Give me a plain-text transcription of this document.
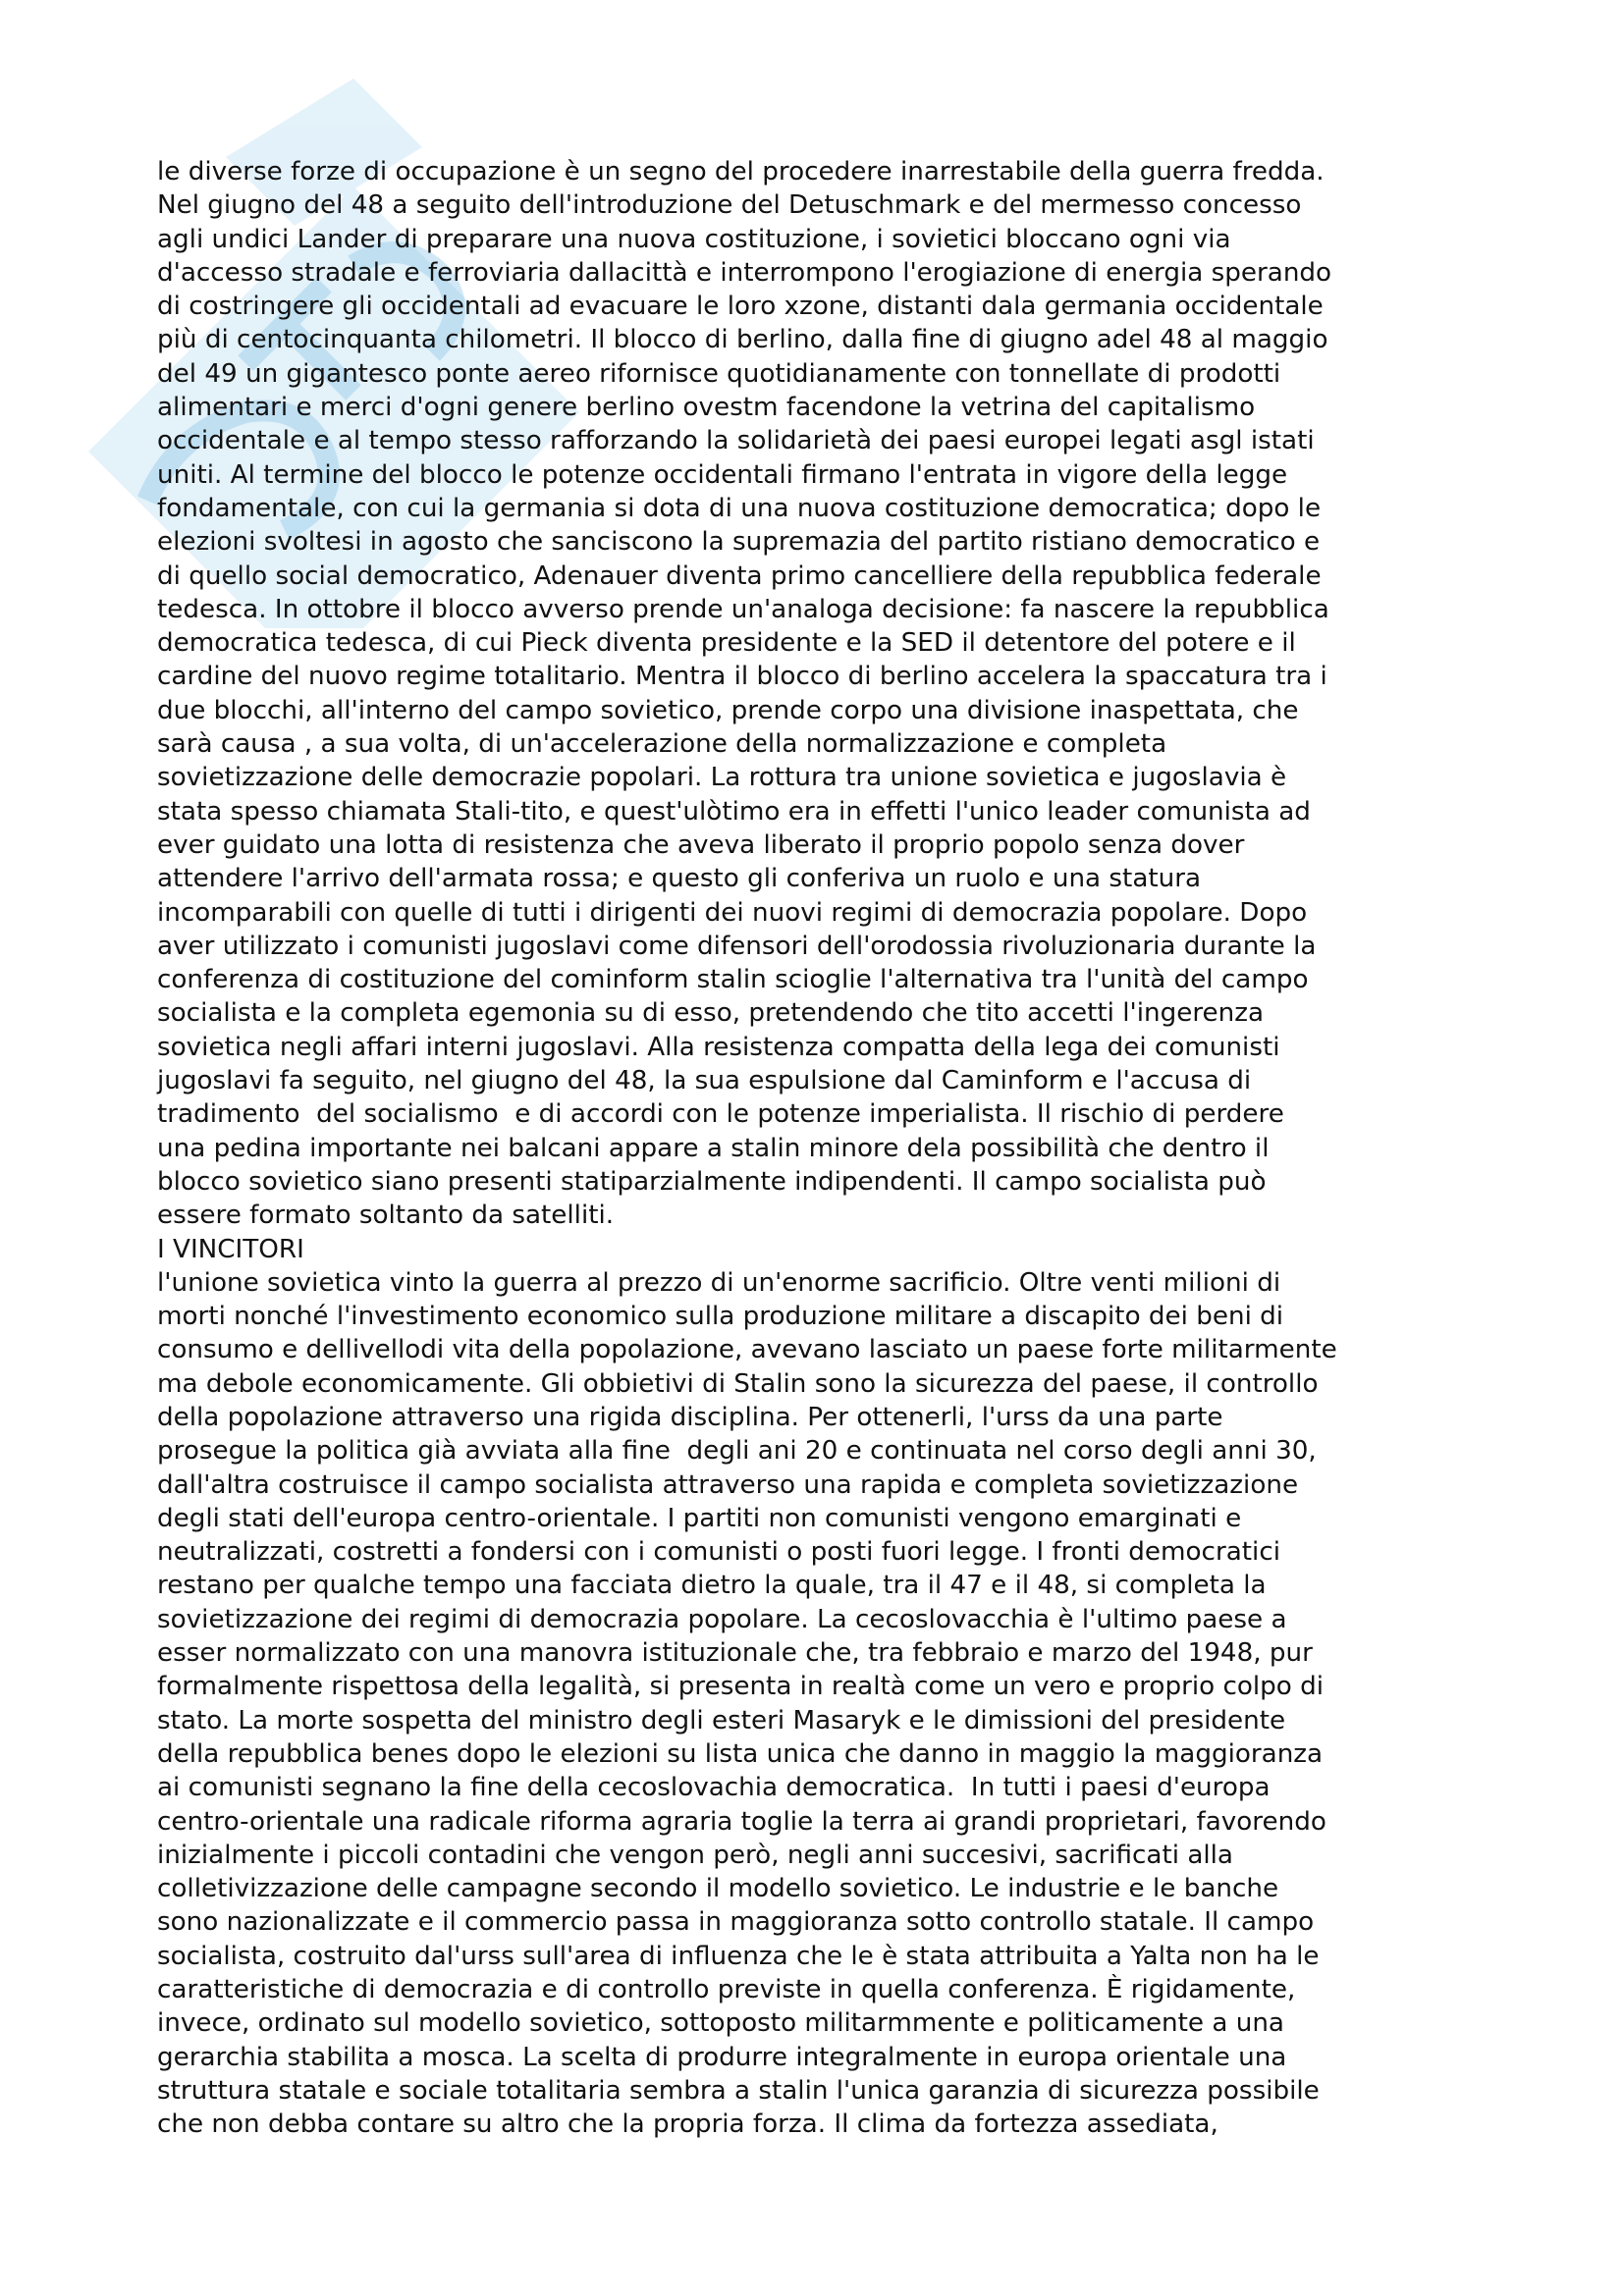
le diverse forze di occupazione è un segno del procedere inarrestabile della guerra fredda.
Nel giugno del 48 a seguito dell'introduzione del Detuschmark e del mermesso concesso
agli undici Lander di preparare una nuova costituzione, i sovietici bloccano ogni via
d'accesso stradale e ferroviaria dallacittà e interrompono l'erogiazione di energia sperando
di costringere gli occidentali ad evacuare le loro xzone, distanti dala germania occidentale
più di centocinquanta chilometri. Il blocco di berlino, dalla fine di giugno adel 48 al maggio
del 49 un gigantesco ponte aereo rifornisce quotidianamente con tonnellate di prodotti
alimentari e merci d'ogni genere berlino ovestm facendone la vetrina del capitalismo
occidentale e al tempo stesso rafforzando la solidarietà dei paesi europei legati asgl istati
uniti. Al termine del blocco le potenze occidentali firmano l'entrata in vigore della legge
fondamentale, con cui la germania si dota di una nuova costituzione democratica; dopo le
elezioni svoltesi in agosto che sanciscono la supremazia del partito ristiano democratico e
di quello social democratico, Adenauer diventa primo cancelliere della repubblica federale
tedesca. In ottobre il blocco avverso prende un'analoga decisione: fa nascere la repubblica
democratica tedesca, di cui Pieck diventa presidente e la SED il detentore del potere e il
cardine del nuovo regime totalitario. Mentra il blocco di berlino accelera la spaccatura tra i
due blocchi, all'interno del campo sovietico, prende corpo una divisione inaspettata, che
sarà causa , a sua volta, di un'accelerazione della normalizzazione e completa
sovietizzazione delle democrazie popolari. La rottura tra unione sovietica e jugoslavia è
stata spesso chiamata Stali-tito, e quest'ulòtimo era in effetti l'unico leader comunista ad
ever guidato una lotta di resistenza che aveva liberato il proprio popolo senza dover
attendere l'arrivo dell'armata rossa; e questo gli conferiva un ruolo e una statura
incomparabili con quelle di tutti i dirigenti dei nuovi regimi di democrazia popolare. Dopo
aver utilizzato i comunisti jugoslavi come difensori dell'orodossia rivoluzionaria durante la
conferenza di costituzione del cominform stalin scioglie l'alternativa tra l'unità del campo
socialista e la completa egemonia su di esso, pretendendo che tito accetti l'ingerenza
sovietica negli affari interni jugoslavi. Alla resistenza compatta della lega dei comunisti
jugoslavi fa seguito, nel giugno del 48, la sua espulsione dal Caminform e l'accusa di
tradimento  del socialismo  e di accordi con le potenze imperialista. Il rischio di perdere
una pedina importante nei balcani appare a stalin minore dela possibilità che dentro il
blocco sovietico siano presenti statiparzialmente indipendenti. Il campo socialista può
essere formato soltanto da satelliti.
I VINCITORI
l'unione sovietica vinto la guerra al prezzo di un'enorme sacrificio. Oltre venti milioni di
morti nonché l'investimento economico sulla produzione militare a discapito dei beni di
consumo e dellivellodi vita della popolazione, avevano lasciato un paese forte militarmente
ma debole economicamente. Gli obbietivi di Stalin sono la sicurezza del paese, il controllo
della popolazione attraverso una rigida disciplina. Per ottenerli, l'urss da una parte
prosegue la politica già avviata alla fine  degli ani 20 e continuata nel corso degli anni 30,
dall'altra costruisce il campo socialista attraverso una rapida e completa sovietizzazione
degli stati dell'europa centro-orientale. I partiti non comunisti vengono emarginati e
neutralizzati, costretti a fondersi con i comunisti o posti fuori legge. I fronti democratici
restano per qualche tempo una facciata dietro la quale, tra il 47 e il 48, si completa la
sovietizzazione dei regimi di democrazia popolare. La cecoslovacchia è l'ultimo paese a
esser normalizzato con una manovra istituzionale che, tra febbraio e marzo del 1948, pur
formalmente rispettosa della legalità, si presenta in realtà come un vero e proprio colpo di
stato. La morte sospetta del ministro degli esteri Masaryk e le dimissioni del presidente
della repubblica benes dopo le elezioni su lista unica che danno in maggio la maggioranza
ai comunisti segnano la fine della cecoslovachia democratica.  In tutti i paesi d'europa
centro-orientale una radicale riforma agraria toglie la terra ai grandi proprietari, favorendo
inizialmente i piccoli contadini che vengon però, negli anni succesivi, sacrificati alla
colletivizzazione delle campagne secondo il modello sovietico. Le industrie e le banche
sono nazionalizzate e il commercio passa in maggioranza sotto controllo statale. Il campo
socialista, costruito dal'urss sull'area di influenza che le è stata attribuita a Yalta non ha le
caratteristiche di democrazia e di controllo previste in quella conferenza. È rigidamente,
invece, ordinato sul modello sovietico, sottoposto militarmmente e politicamente a una
gerarchia stabilita a mosca. La scelta di produrre integralmente in europa orientale una
struttura statale e sociale totalitaria sembra a stalin l'unica garanzia di sicurezza possibile
che non debba contare su altro che la propria forza. Il clima da fortezza assediata,
